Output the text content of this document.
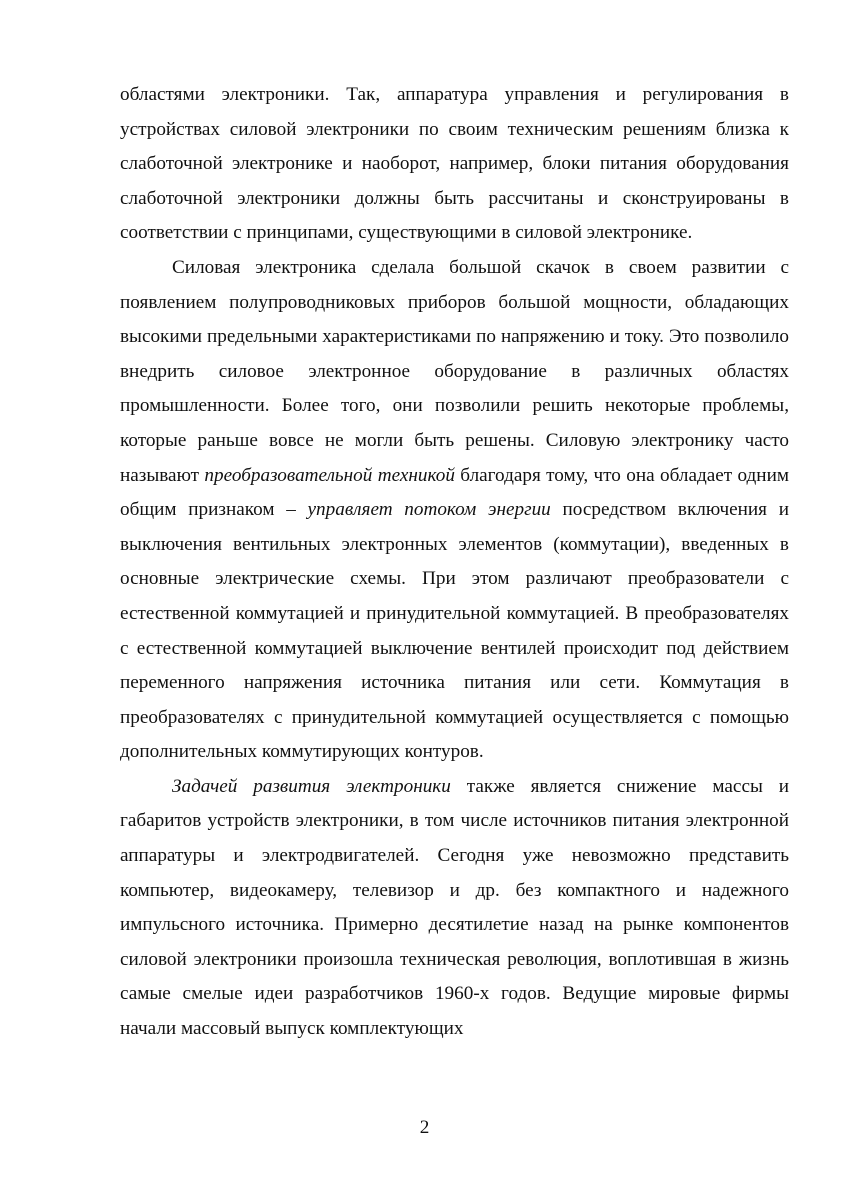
областями электроники. Так, аппаратура управления и регулирования в устройствах силовой электроники по своим техническим решениям близка к слаботочной электронике и наоборот, например, блоки питания оборудования слаботочной электроники должны быть рассчитаны и сконструированы в соответствии с принципами, существующими в силовой электронике.

Силовая электроника сделала большой скачок в своем развитии с появлением полупроводниковых приборов большой мощности, обладающих высокими предельными характеристиками по напряжению и току. Это позволило внедрить силовое электронное оборудование в различных областях промышленности. Более того, они позволили решить некоторые проблемы, которые раньше вовсе не могли быть решены. Силовую электронику часто называют преобразовательной техникой благодаря тому, что она обладает одним общим признаком – управляет потоком энергии посредством включения и выключения вентильных электронных элементов (коммутации), введенных в основные электрические схемы. При этом различают преобразователи с естественной коммутацией и принудительной коммутацией. В преобразователях с естественной коммутацией выключение вентилей происходит под действием переменного напряжения источника питания или сети. Коммутация в преобразователях с принудительной коммутацией осуществляется с помощью дополнительных коммутирующих контуров.

Задачей развития электроники также является снижение массы и габаритов устройств электроники, в том числе источников питания электронной аппаратуры и электродвигателей. Сегодня уже невозможно представить компьютер, видеокамеру, телевизор и др. без компактного и надежного импульсного источника. Примерно десятилетие назад на рынке компонентов силовой электроники произошла техническая революция, воплотившая в жизнь самые смелые идеи разработчиков 1960-х годов. Ведущие мировые фирмы начали массовый выпуск комплектующих

2
